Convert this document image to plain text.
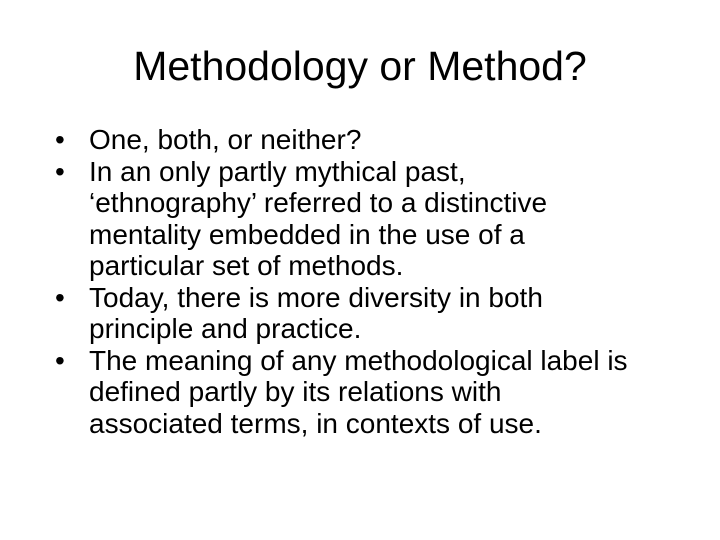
Methodology or Method?
• One, both, or neither?
• In an only partly mythical past,
‘ethnography’ referred to a distinctive
mentality embedded in the use of a
particular set of methods.
• Today, there is more diversity in both
principle and practice.
• The meaning of any methodological label is
defined partly by its relations with
associated terms, in contexts of use.
